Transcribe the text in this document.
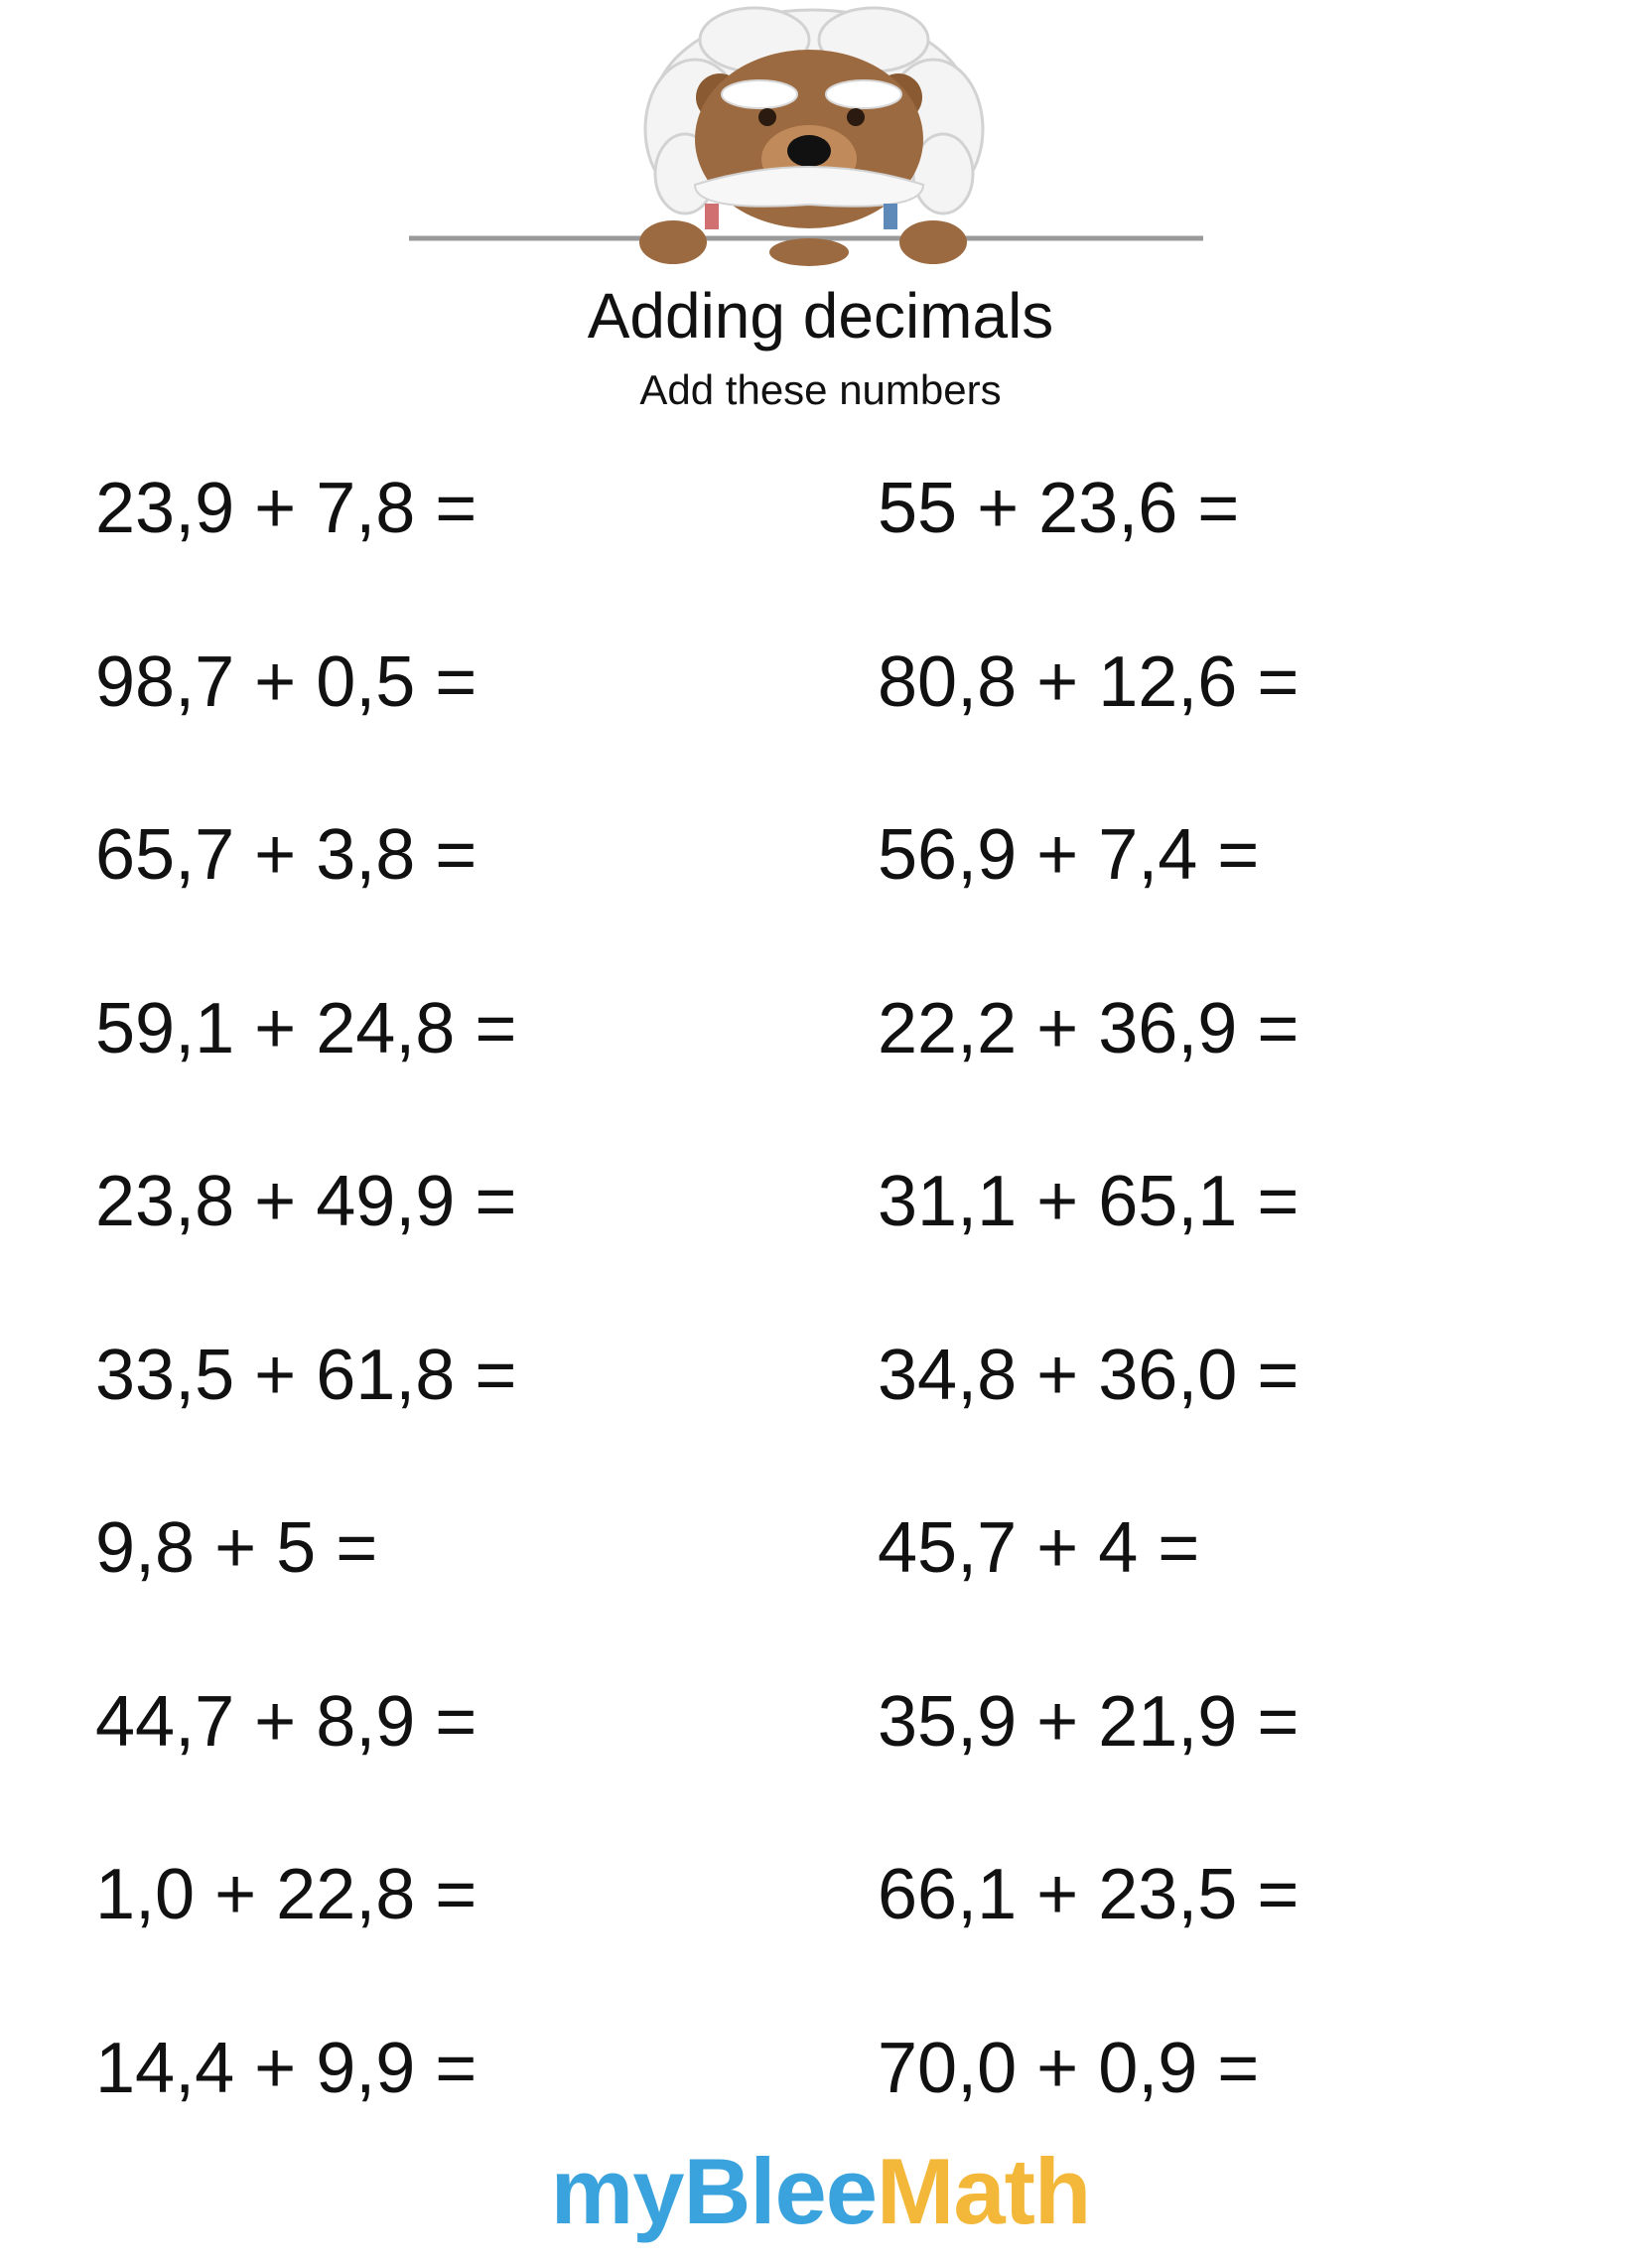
Adding decimals
Add these numbers
23,9 + 7,8 =
98,7 + 0,5 =
65,7 + 3,8 =
59,1 + 24,8 =
23,8 + 49,9 =
33,5 + 61,8 =
9,8 + 5 =
44,7 + 8,9 =
1,0 + 22,8 =
14,4 + 9,9 =
55 + 23,6 =
80,8 + 12,6 =
56,9 + 7,4 =
22,2 + 36,9 =
31,1 + 65,1 =
34,8 + 36,0 =
45,7 + 4 =
35,9 + 21,9 =
66,1 + 23,5 =
70,0 + 0,9 =
myBleeMath
